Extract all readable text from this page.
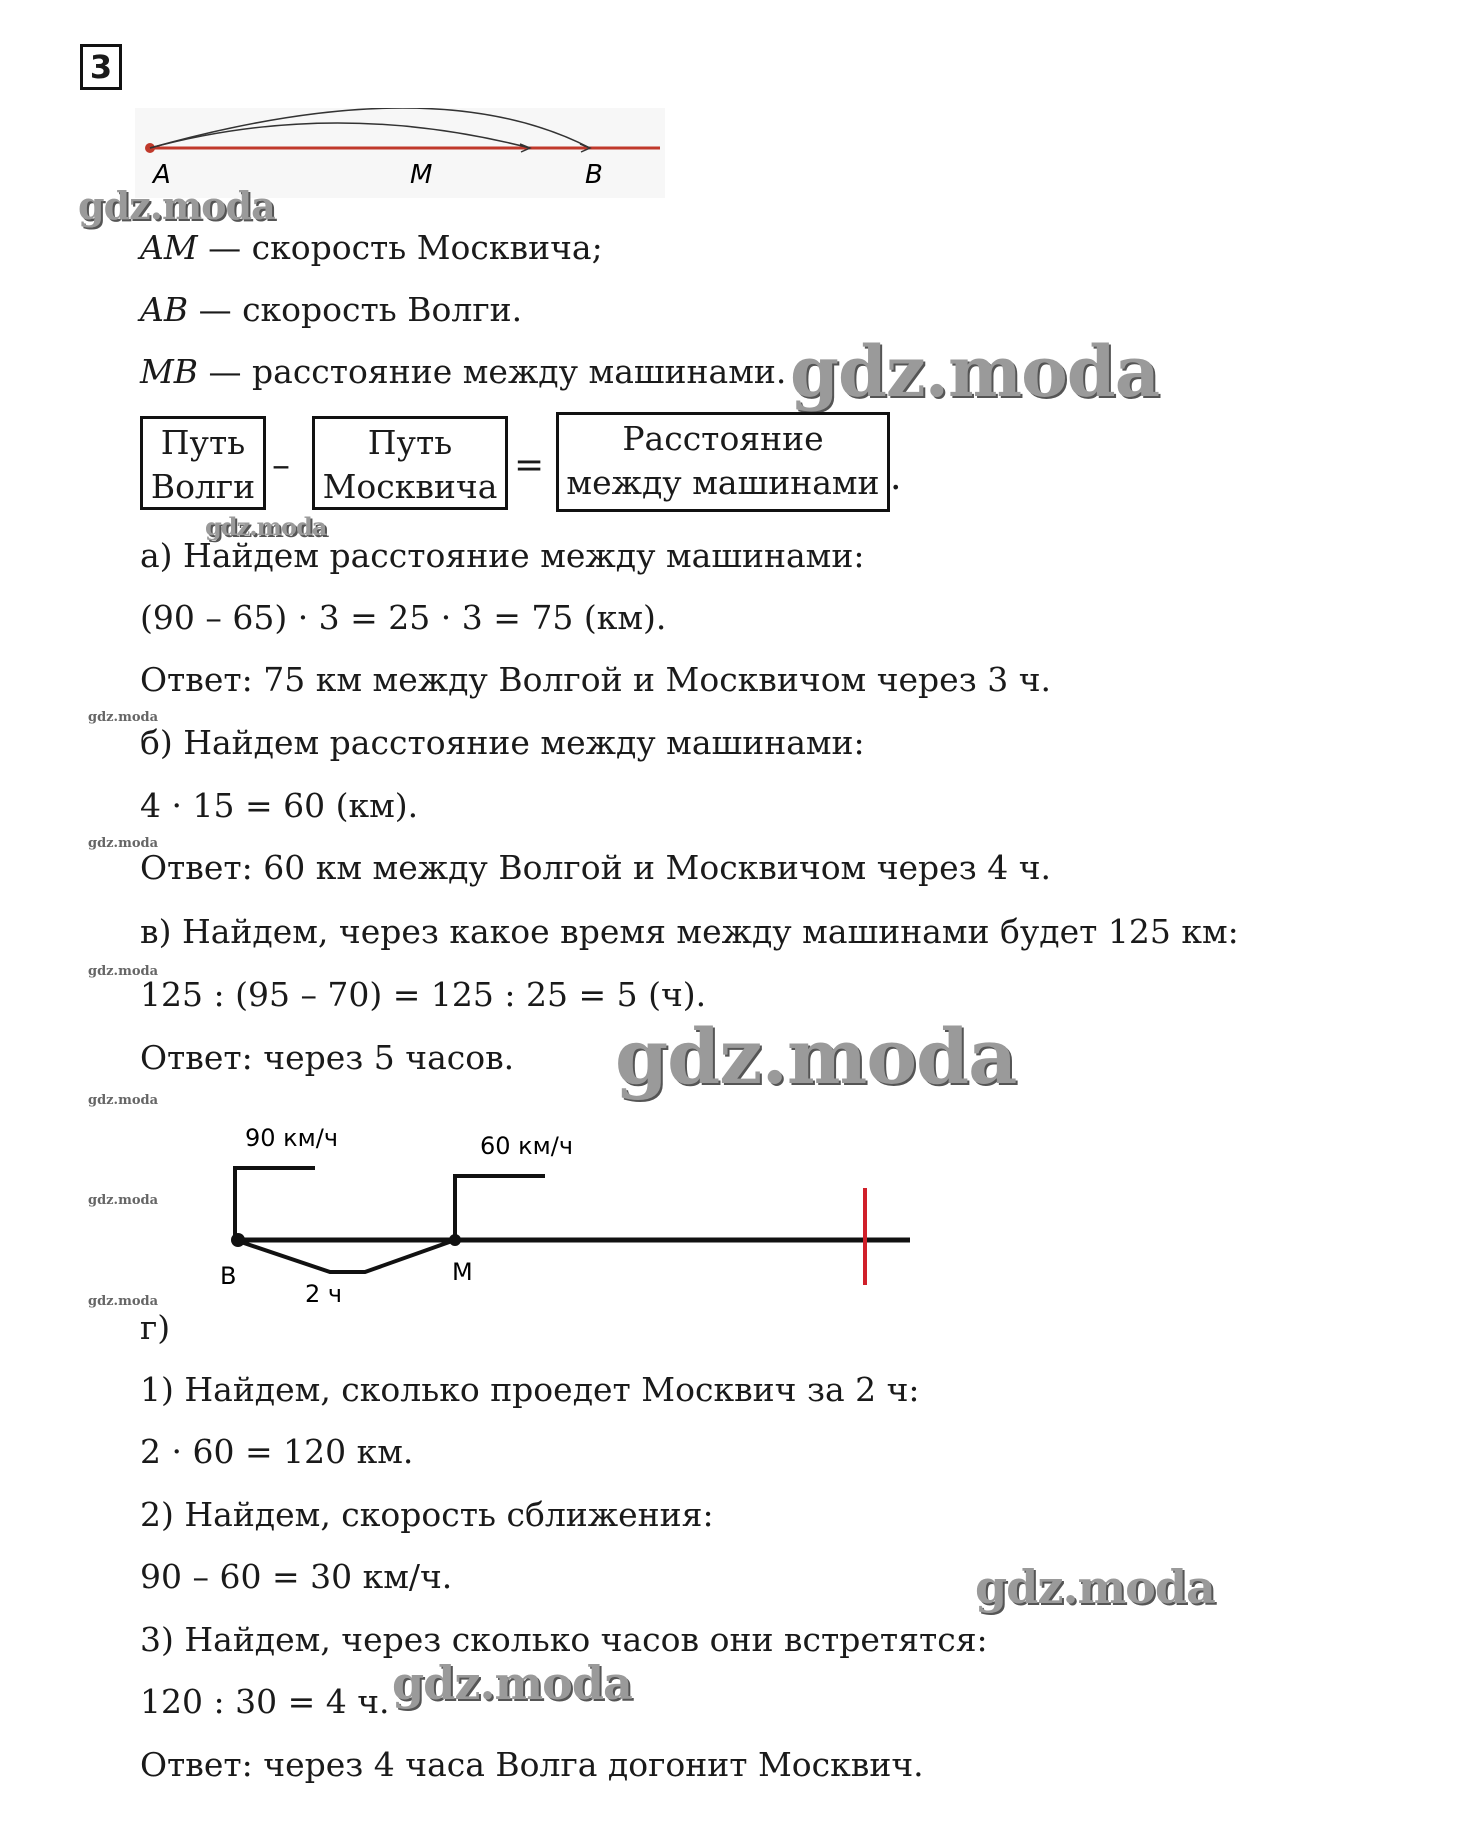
3
A	M	B
gdz.moda
AM — скорость Москвича;
AB — скорость Волги.
MB — расстояние между машинами. gdz.moda
Путь
Волги
–
Путь
Москвича
=
Расстояние
между машинами .
gdz.moda
а) Найдем расстояние между машинами:
(90 – 65) · 3 = 25 · 3 = 75 (км).
Ответ: 75 км между Волгой и Москвичом через 3 ч.
gdz.moda
б) Найдем расстояние между машинами:
4 · 15 = 60 (км).
gdz.moda
Ответ: 60 км между Волгой и Москвичом через 4 ч.
в) Найдем, через какое время между машинами будет 125 км:
gdz.moda
125 : (95 – 70) = 125 : 25 = 5 (ч).
Ответ: через 5 часов. gdz.moda
gdz.moda
90 км/ч	60 км/ч
В	М
2 ч
gdz.moda
gdz.moda
г)
1) Найдем, сколько проедет Москвич за 2 ч:
2 · 60 = 120 км.
2) Найдем, скорость сближения:
90 – 60 = 30 км/ч.	gdz.moda
3) Найдем, через сколько часов они встретятся:
120 : 30 = 4 ч. gdz.moda
Ответ: через 4 часа Волга догонит Москвич.
